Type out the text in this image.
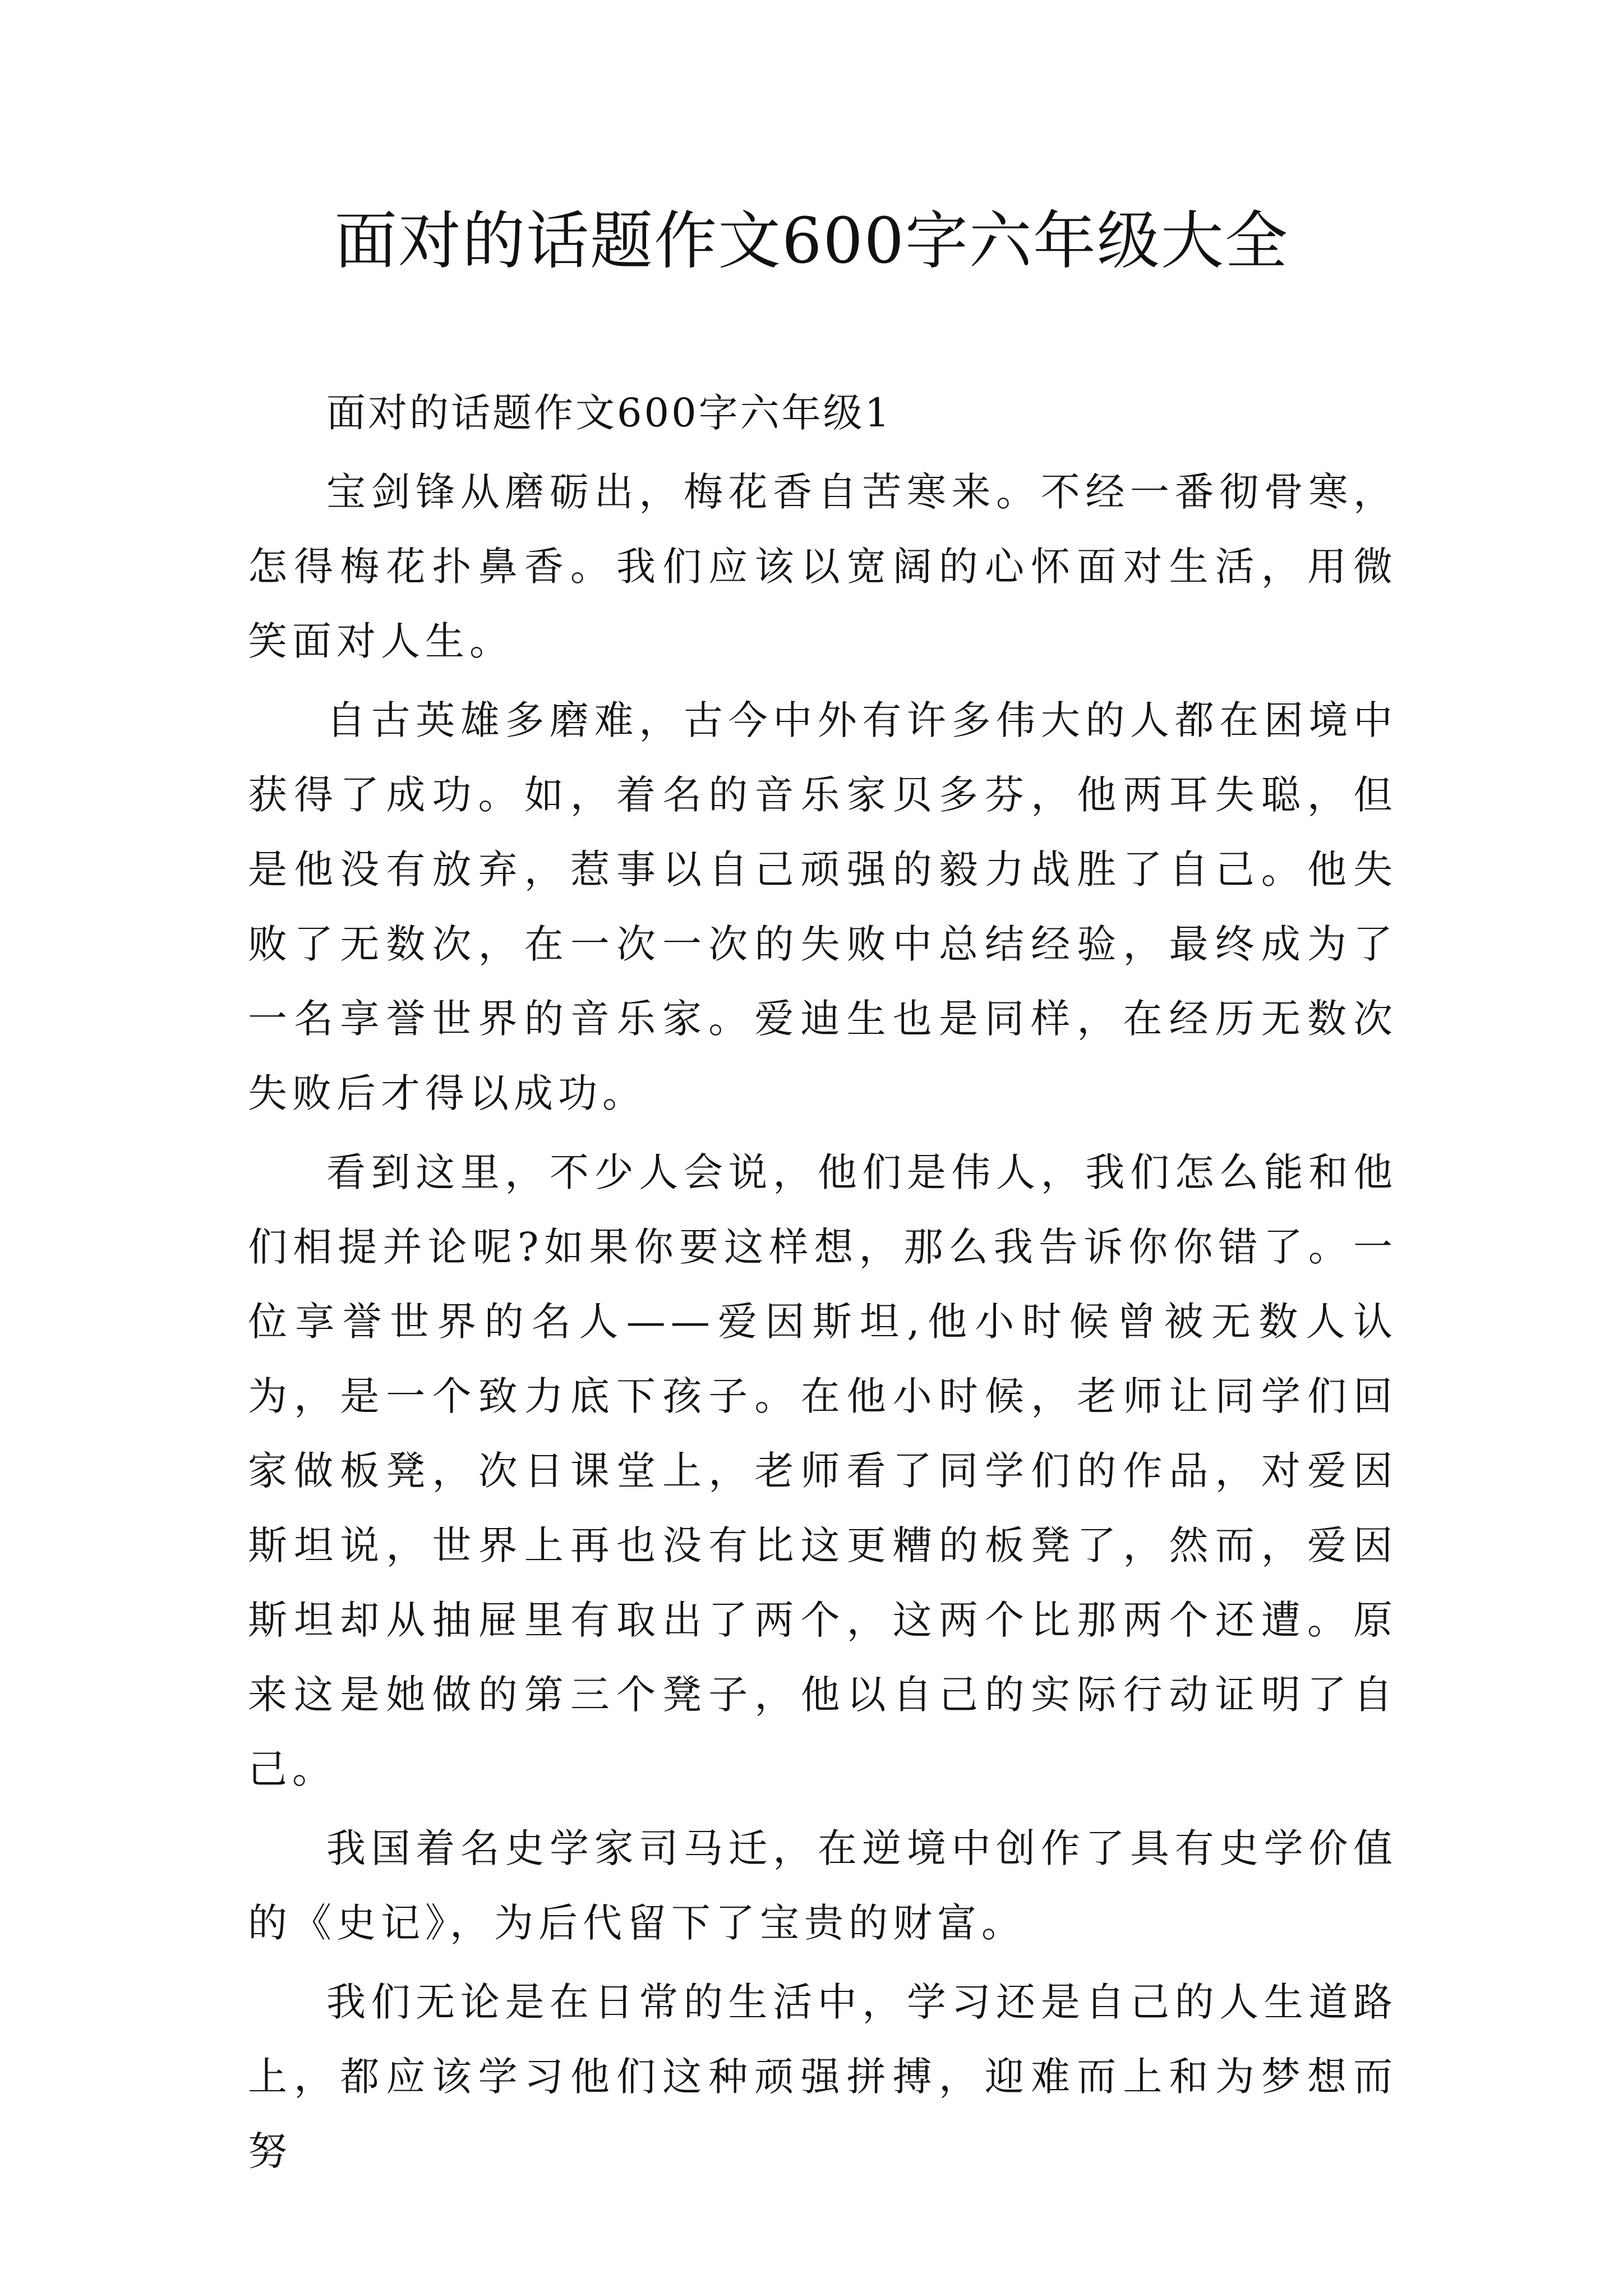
面对的话题作文600字六年级大全

面对的话题作文600字六年级1

宝剑锋从磨砺出，梅花香自苦寒来。不经一番彻骨寒，怎得梅花扑鼻香。我们应该以宽阔的心怀面对生活，用微笑面对人生。

自古英雄多磨难，古今中外有许多伟大的人都在困境中获得了成功。如，着名的音乐家贝多芬，他两耳失聪，但是他没有放弃，惹事以自己顽强的毅力战胜了自己。他失败了无数次，在一次一次的失败中总结经验，最终成为了一名享誉世界的音乐家。爱迪生也是同样，在经历无数次失败后才得以成功。

看到这里，不少人会说，他们是伟人，我们怎么能和他们相提并论呢?如果你要这样想，那么我告诉你你错了。一位享誉世界的名人——爱因斯坦,他小时候曾被无数人认为，是一个致力底下孩子。在他小时候，老师让同学们回家做板凳，次日课堂上，老师看了同学们的作品，对爱因斯坦说，世界上再也没有比这更糟的板凳了，然而，爱因斯坦却从抽屉里有取出了两个，这两个比那两个还遭。原来这是她做的第三个凳子，他以自己的实际行动证明了自己。

我国着名史学家司马迁，在逆境中创作了具有史学价值的《史记》，为后代留下了宝贵的财富。

我们无论是在日常的生活中，学习还是自己的人生道路上，都应该学习他们这种顽强拼搏，迎难而上和为梦想而努
